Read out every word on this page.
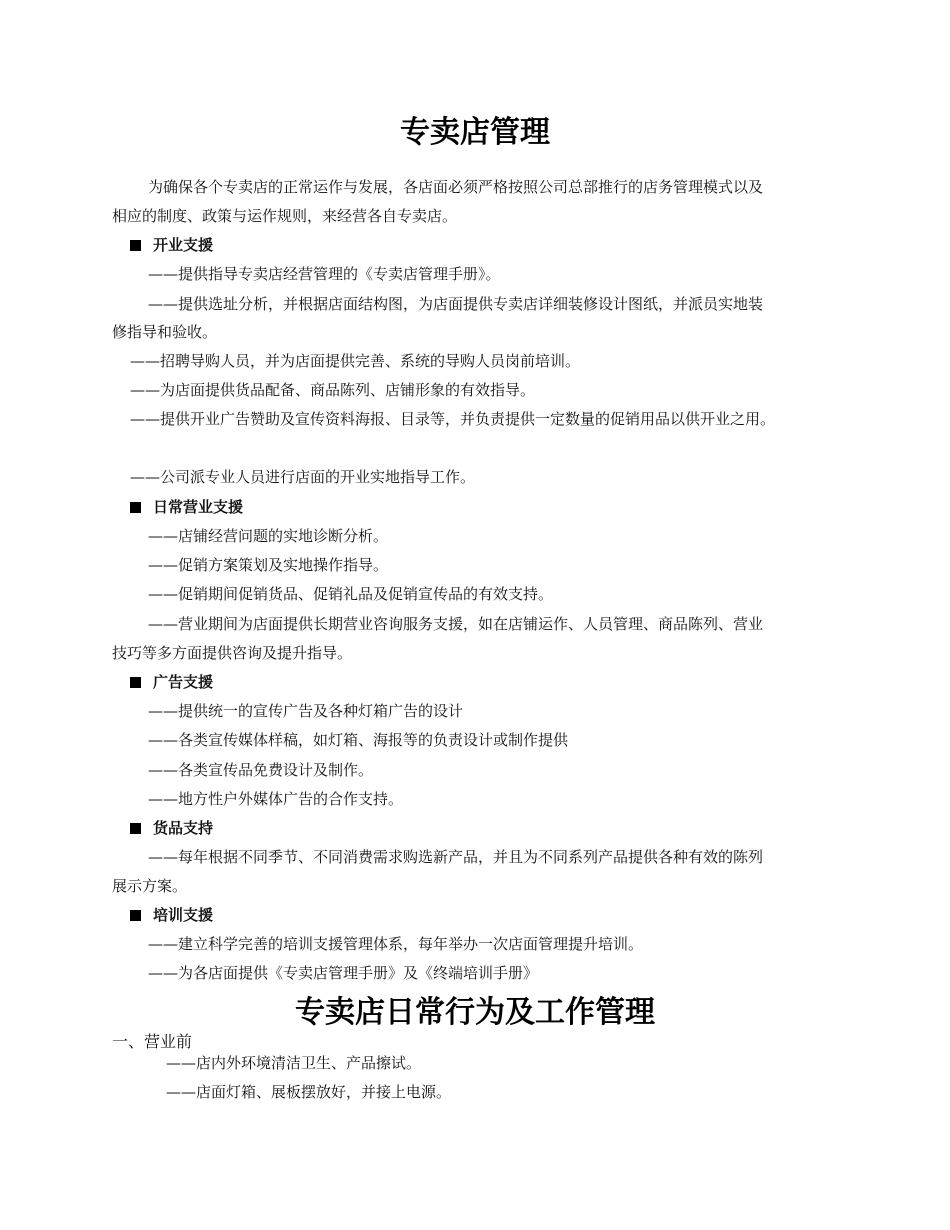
专卖店管理
为确保各个专卖店的正常运作与发展，各店面必须严格按照公司总部推行的店务管理模式以及
相应的制度、政策与运作规则，来经营各自专卖店。
开业支援
——提供指导专卖店经营管理的《专卖店管理手册》。
——提供选址分析，并根据店面结构图，为店面提供专卖店详细装修设计图纸，并派员实地装
修指导和验收。
——招聘导购人员，并为店面提供完善、系统的导购人员岗前培训。
——为店面提供货品配备、商品陈列、店铺形象的有效指导。
——提供开业广告赞助及宣传资料海报、目录等，并负责提供一定数量的促销用品以供开业之用。
——公司派专业人员进行店面的开业实地指导工作。
日常营业支援
——店铺经营问题的实地诊断分析。
——促销方案策划及实地操作指导。
——促销期间促销货品、促销礼品及促销宣传品的有效支持。
——营业期间为店面提供长期营业咨询服务支援，如在店铺运作、人员管理、商品陈列、营业
技巧等多方面提供咨询及提升指导。
广告支援
——提供统一的宣传广告及各种灯箱广告的设计
——各类宣传媒体样稿，如灯箱、海报等的负责设计或制作提供
——各类宣传品免费设计及制作。
——地方性户外媒体广告的合作支持。
货品支持
——每年根据不同季节、不同消费需求购选新产品，并且为不同系列产品提供各种有效的陈列
展示方案。
培训支援
——建立科学完善的培训支援管理体系，每年举办一次店面管理提升培训。
——为各店面提供《专卖店管理手册》及《终端培训手册》
专卖店日常行为及工作管理
一、营业前
——店内外环境清洁卫生、产品擦试。
——店面灯箱、展板摆放好，并接上电源。
